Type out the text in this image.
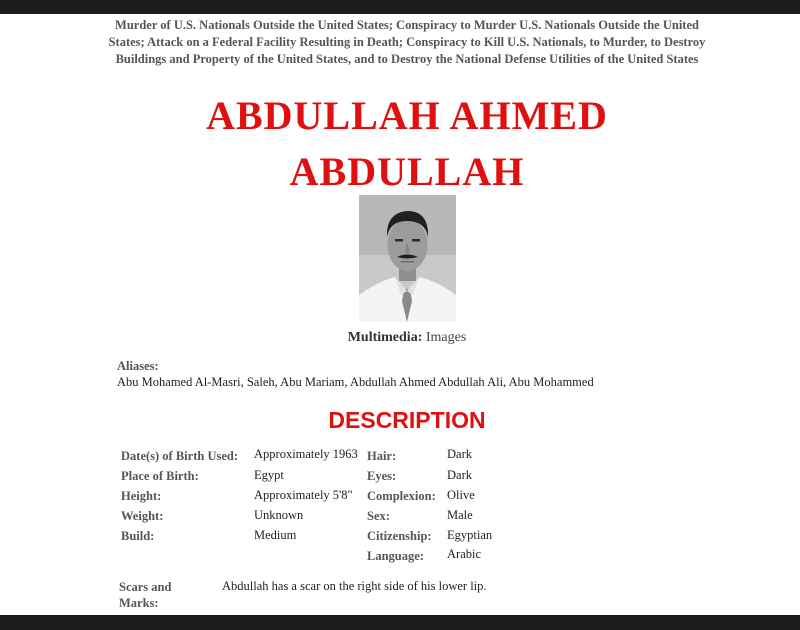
Murder of U.S. Nationals Outside the United States; Conspiracy to Murder U.S. Nationals Outside the United States; Attack on a Federal Facility Resulting in Death; Conspiracy to Kill U.S. Nationals, to Murder, to Destroy Buildings and Property of the United States, and to Destroy the National Defense Utilities of the United States
ABDULLAH AHMED
ABDULLAH
Multimedia: Images
Aliases:
Abu Mohamed Al-Masri, Saleh, Abu Mariam, Abdullah Ahmed Abdullah Ali, Abu Mohammed
DESCRIPTION
Date(s) of Birth Used: Approximately 1963
Place of Birth:	Egypt
Height:	Approximately 5'8"
Weight:	Unknown
Build:	Medium
Hair:	Dark
Eyes:	Dark
Complexion: Olive
Sex:	Male
Citizenship: Egyptian
Language: Arabic
Scars and
Marks:
Abdullah has a scar on the right side of his lower lip.
